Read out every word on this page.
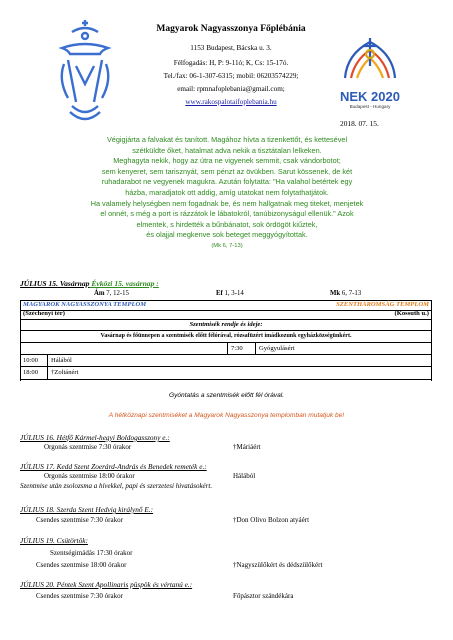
Magyarok Nagyasszonya Főplébánia
1153 Budapest, Bácska u. 3.
Félfogadás: H, P: 9-11ó; K, Cs: 15-17ó.
Tel./fax: 06-1-307-6315; mobil: 06203574229;
email: rpmnafoplebania@gmail.com;
www.rakospalotaifoplebania.hu	NEK 2020
Budapest - Hungary
2018. 07. 15.
Végigjárta a falvakat és tanított. Magához hívta a tizenkettőt, és kettesével
szétküldte őket, hatalmat adva nekik a tisztátalan lelkeken.
Meghagyta nekik, hogy az útra ne vigyenek semmit, csak vándorbotot;
sem kenyeret, sem tarisznyát, sem pénzt az övükben. Sarut kössenek, de két
ruhadarabot ne vegyenek magukra. Azután folytatta: "Ha valahol betértek egy
házba, maradjatok ott addig, amíg utatokat nem folytathatjátok.
Ha valamely helységben nem fogadnak be, és nem hallgatnak meg titeket, menjetek
el onnét, s még a port is rázzátok le lábatokról, tanúbizonyságul ellenük." Azok
elmentek, s hirdették a bűnbánatot, sok ördögöt kiűztek,
és olajjal megkenve sok beteget meggyógyítottak.
(Mk 6, 7-13)
JÚLIUS 15. Vasárnap Évközi 15. vasárnap :
Ám 7, 12-15	Ef 1, 3-14	Mk 6, 7-13
MAGYAROK NAGYASSZONYA TEMPLOM	SZENTHÁROMSÁG TEMPLOM
(Széchenyi tér)	(Kossuth u.)
Szentmisék rendje és ideje:
Vasárnap és főünnepen a szentmisék előtt félórával, rózsafüzért imádkozunk egyházközségünkért.
7:30 Gyógyulásért
10:00 Hálából
18:00 †Zoltánért
Gyóntatás a szentmisék előtt fél órával.
A hétköznapi szentmiséket a Magyarok Nagyasszonya templomban mutatjuk be!
JÚLIUS 16. Hétfő Kármel-hegyi Boldogasszony e.:
Orgonás szentmise 7:30 órakor	†Máriáért
JÚLIUS 17. Kedd Szent Zoerárd-András és Benedek remeték e.:
Orgonás szentmise 18:00 órakor	Hálából
Szentmise után zsolozsma a hívekkel, papi és szerzetesi hivatásokért.
JÚLIUS 18. Szerda Szent Hedvig királynő E.:
Csendes szentmise 7:30 órakor	†Don Olivo Bolzon atyáért
JÚLIUS 19. Csütörtök:
Szentségimádás 17:30 órakor
Csendes szentmise 18:00 órakor	†Nagyszülőkért és dédszülőkért
JÚLIUS 20. Péntek Szent Apollinaris püspök és vértanú e.:
Csendes szentmise 7:30 órakor	Főpásztor szándékára
